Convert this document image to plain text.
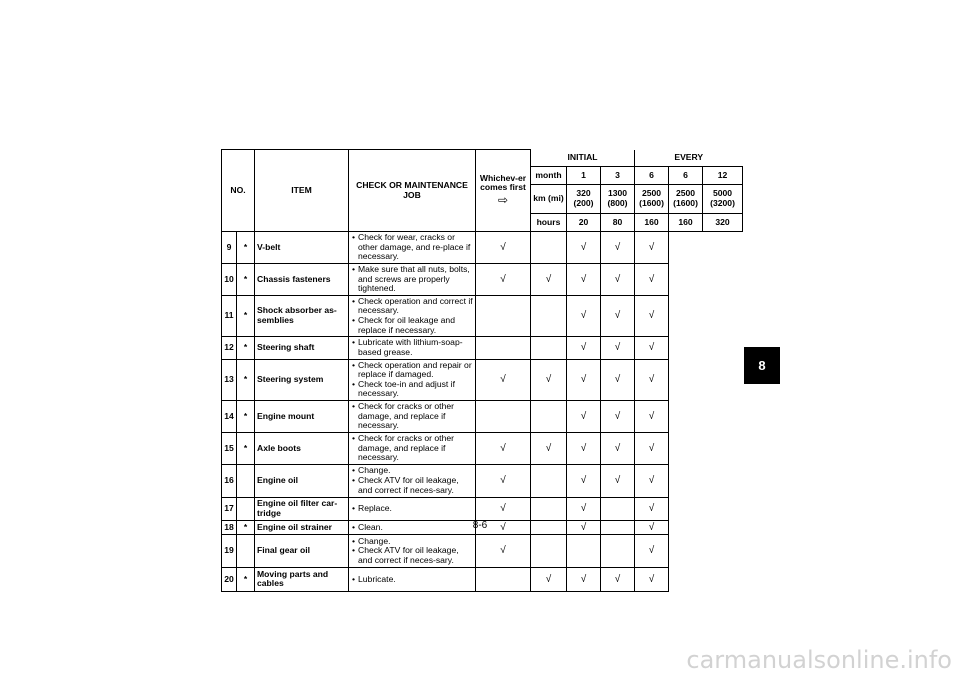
NO.		ITEM	CHECK OR MAINTENANCE JOB	Whichev-er comes first
⇨	INITIAL			EVERY		
					month	1	3	6	6	12
					km (mi)	320 (200)	1300 (800)	2500 (1600)	2500 (1600)	5000 (3200)
					hours	20	80	160	160	320
9	*	V-belt	• Check for wear, cracks or other damage, and re-place if necessary.	√		√	√	√		
10	*	Chassis fasteners	• Make sure that all nuts, bolts, and screws are properly tightened.	√	√	√	√	√		
11	*	Shock absorber as-semblies	• Check operation and correct if necessary.
• Check for oil leakage and replace if necessary.			√	√	√		
12	*	Steering shaft	• Lubricate with lithium-soap-based grease.			√	√	√		
13	*	Steering system	• Check operation and repair or replace if damaged.
• Check toe-in and adjust if necessary.	√	√	√	√	√		
14	*	Engine mount	• Check for cracks or other damage, and replace if necessary.			√	√	√		
15	*	Axle boots	• Check for cracks or other damage, and replace if necessary.	√	√	√	√	√		
16		Engine oil	• Change.
• Check ATV for oil leakage, and correct if neces-sary.	√		√	√	√		
17		Engine oil filter car-tridge	• Replace.	√		√		√		
18	*	Engine oil strainer	• Clean.	√		√		√		
19		Final gear oil	• Change.
• Check ATV for oil leakage, and correct if neces-sary.	√				√		
20	*	Moving parts and cables	• Lubricate.		√	√	√	√		
8-6
8
carmanualsonline.info
